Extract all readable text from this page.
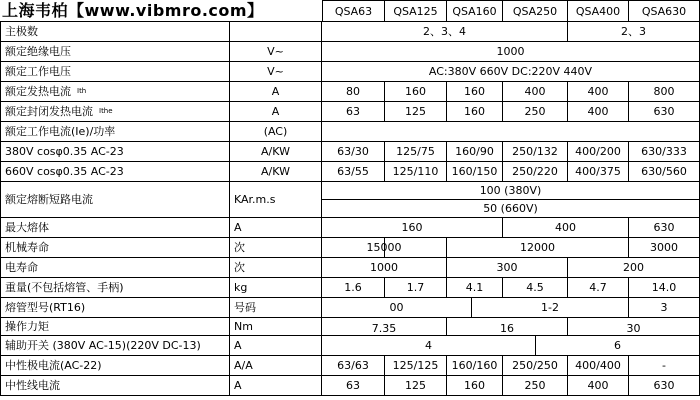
上海韦柏【www.vibmro.com】	QSA63	QSA125	QSA160	QSA250	QSA400	QSA630
主极数	2、3、4	2、3
额定绝缘电压	V~	1000
额定工作电压	V~	AC:380V 660V DC:220V 440V
额定发热电流 Ith	A	80	160	160	400	400	800
额定封闭发热电流 Ithe	A	63	125	160	250	400	630
额定工作电流(Ie)/功率	(AC)
380V cosφ0.35 AC-23	A/KW	63/30	125/75	160/90	250/132	400/200	630/333
660V cosφ0.35 AC-23	A/KW	63/55	125/110	160/150	250/220	400/375	630/560
额定熔断短路电流	KAr.m.s
100 (380V)
50 (660V)
最大熔体	A	160	400	630
机械寿命	次	15000	12000	3000
电寿命	次	1000	300	200
重量(不包括熔管、手柄)	kg	1.6	1.7	4.1	4.5	4.7	14.0
熔管型号(RT16)	号码	00	1-2	3
操作力矩	Nm	7.35	16	30
辅助开关 (380V AC-15)(220V DC-13)	A	4	6
中性极电流(AC-22)	A/A	63/63	125/125	160/160	250/250	400/400	-
中性线电流	A	63	125	160	250	400	630
